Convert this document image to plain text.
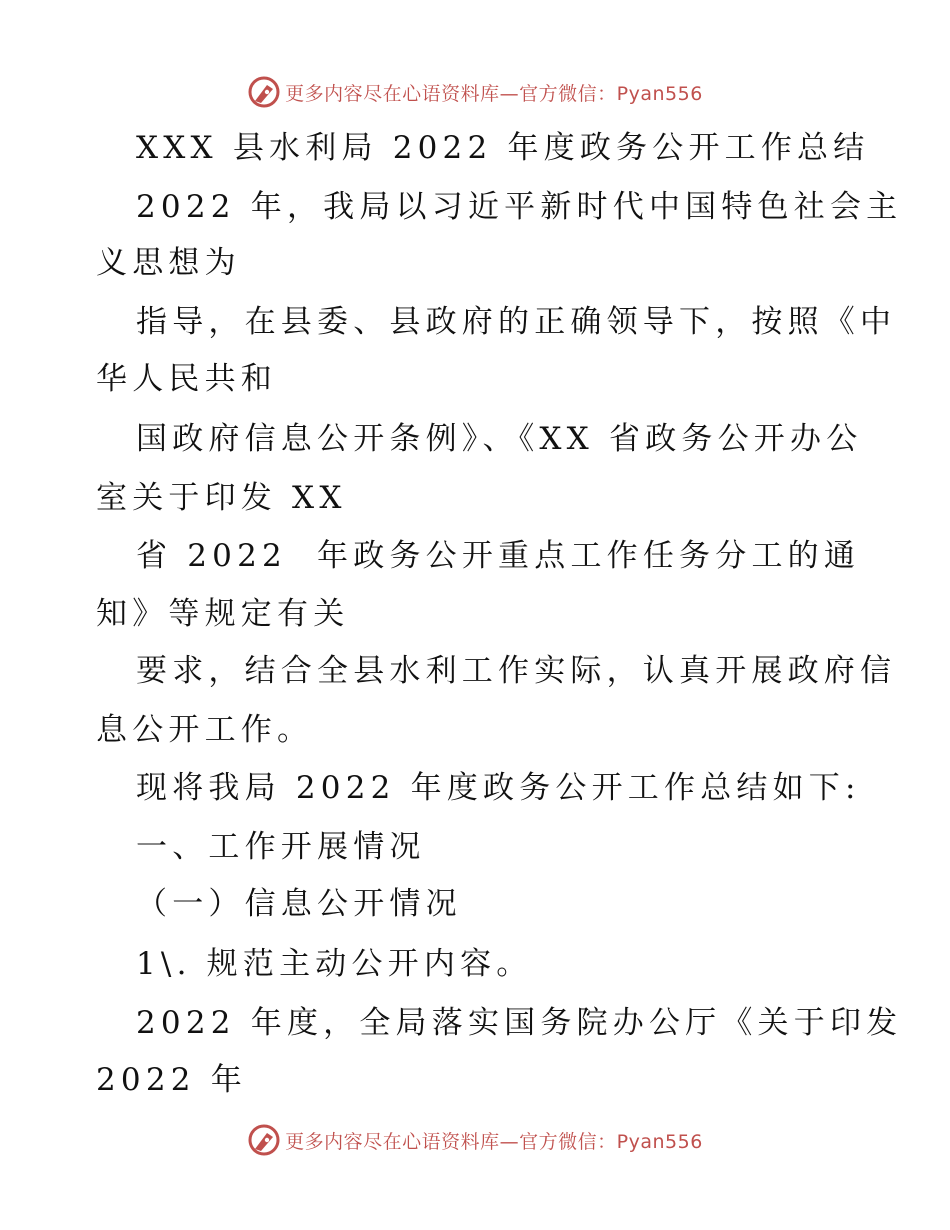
更多内容尽在心语资料库—官方微信：Pyan556
XXX 县水利局 2022 年度政务公开工作总结
2022 年，我局以习近平新时代中国特色社会主
义思想为
指导，在县委、县政府的正确领导下，按照《中
华人民共和
国政府信息公开条例》、《XX 省政务公开办公
室关于印发 XX
省 2022  年政务公开重点工作任务分工的通
知》等规定有关
要求，结合全县水利工作实际，认真开展政府信
息公开工作。
现将我局 2022 年度政务公开工作总结如下:
一、工作开展情况
（一）信息公开情况
1\. 规范主动公开内容。
2022 年度，全局落实国务院办公厅《关于印发
2022 年
更多内容尽在心语资料库—官方微信：Pyan556
